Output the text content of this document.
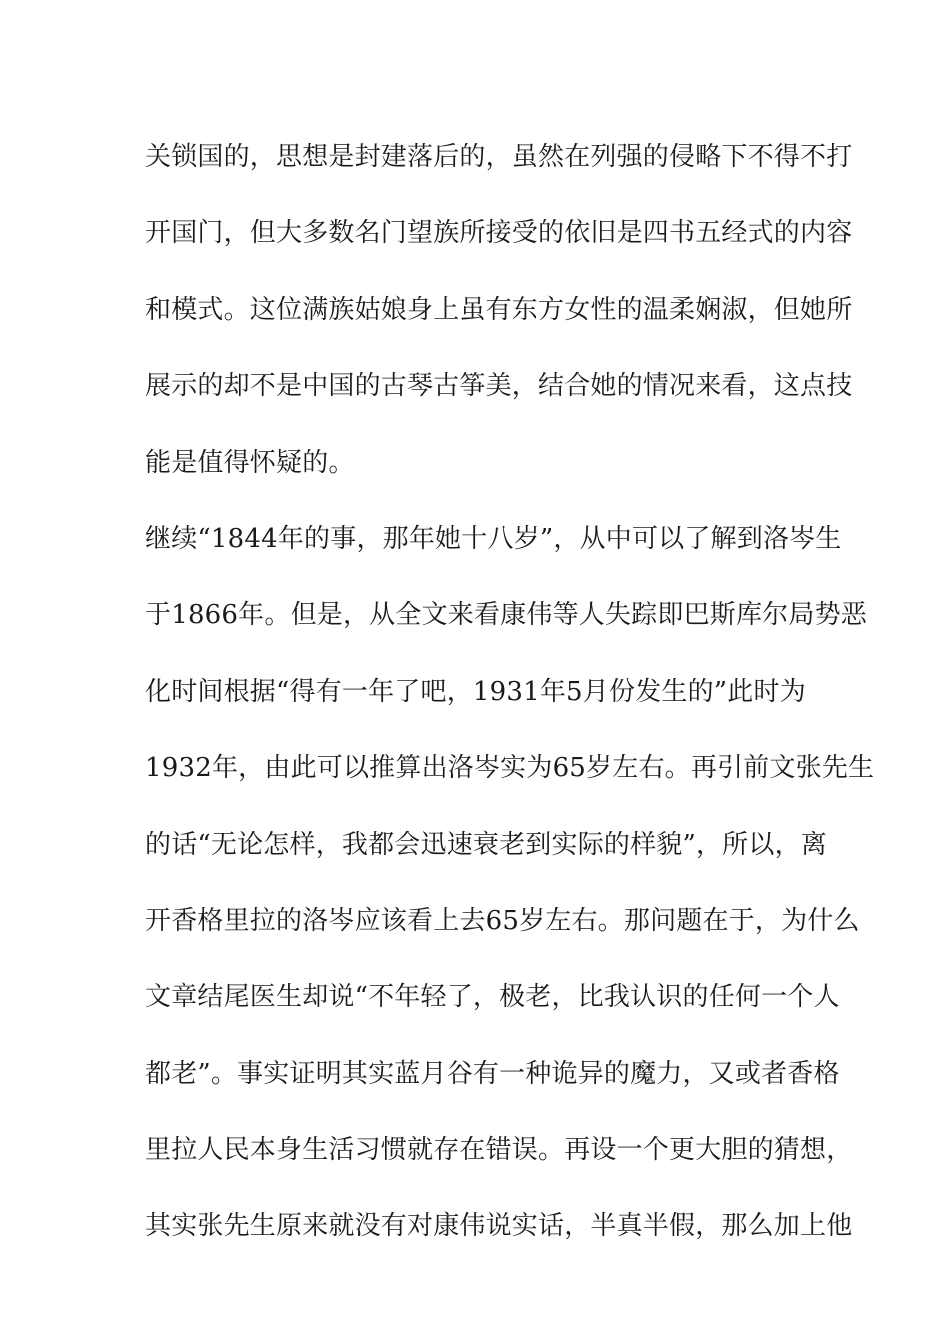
关锁国的，思想是封建落后的，虽然在列强的侵略下不得不打
开国门，但大多数名门望族所接受的依旧是四书五经式的内容
和模式。这位满族姑娘身上虽有东方女性的温柔娴淑，但她所
展示的却不是中国的古琴古筝美，结合她的情况来看，这点技
能是值得怀疑的。
继续“1844年的事，那年她十八岁”，从中可以了解到洛岑生
于1866年。但是，从全文来看康伟等人失踪即巴斯库尔局势恶
化时间根据“得有一年了吧，1931年5月份发生的”此时为
1932年，由此可以推算出洛岑实为65岁左右。再引前文张先生
的话“无论怎样，我都会迅速衰老到实际的样貌”，所以，离
开香格里拉的洛岑应该看上去65岁左右。那问题在于，为什么
文章结尾医生却说“不年轻了，极老，比我认识的任何一个人
都老”。事实证明其实蓝月谷有一种诡异的魔力，又或者香格
里拉人民本身生活习惯就存在错误。再设一个更大胆的猜想，
其实张先生原来就没有对康伟说实话，半真半假，那么加上他
